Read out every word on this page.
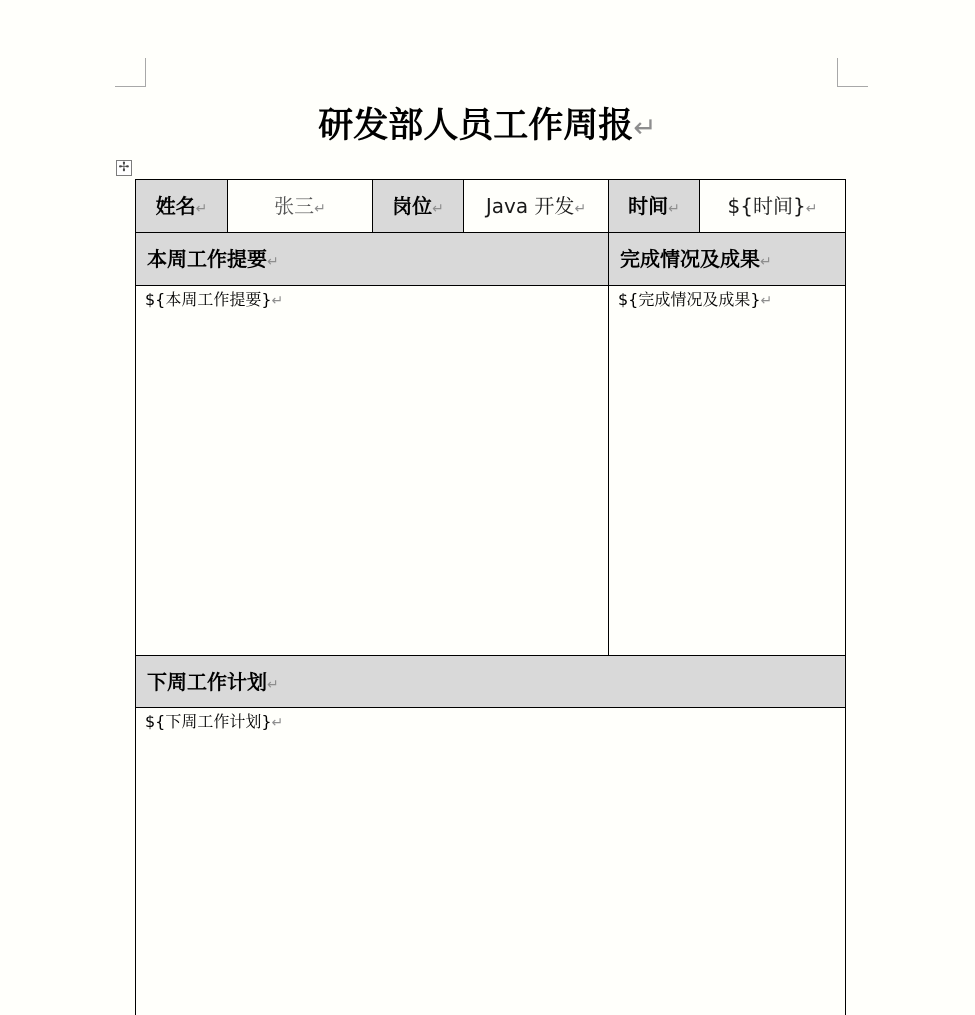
研发部人员工作周报↵
✢
姓名↵	张三↵	岗位↵	Java 开发↵	时间↵	${时间}↵
本周工作提要↵	完成情况及成果↵
${本周工作提要}↵	${完成情况及成果}↵
下周工作计划↵
${下周工作计划}↵
